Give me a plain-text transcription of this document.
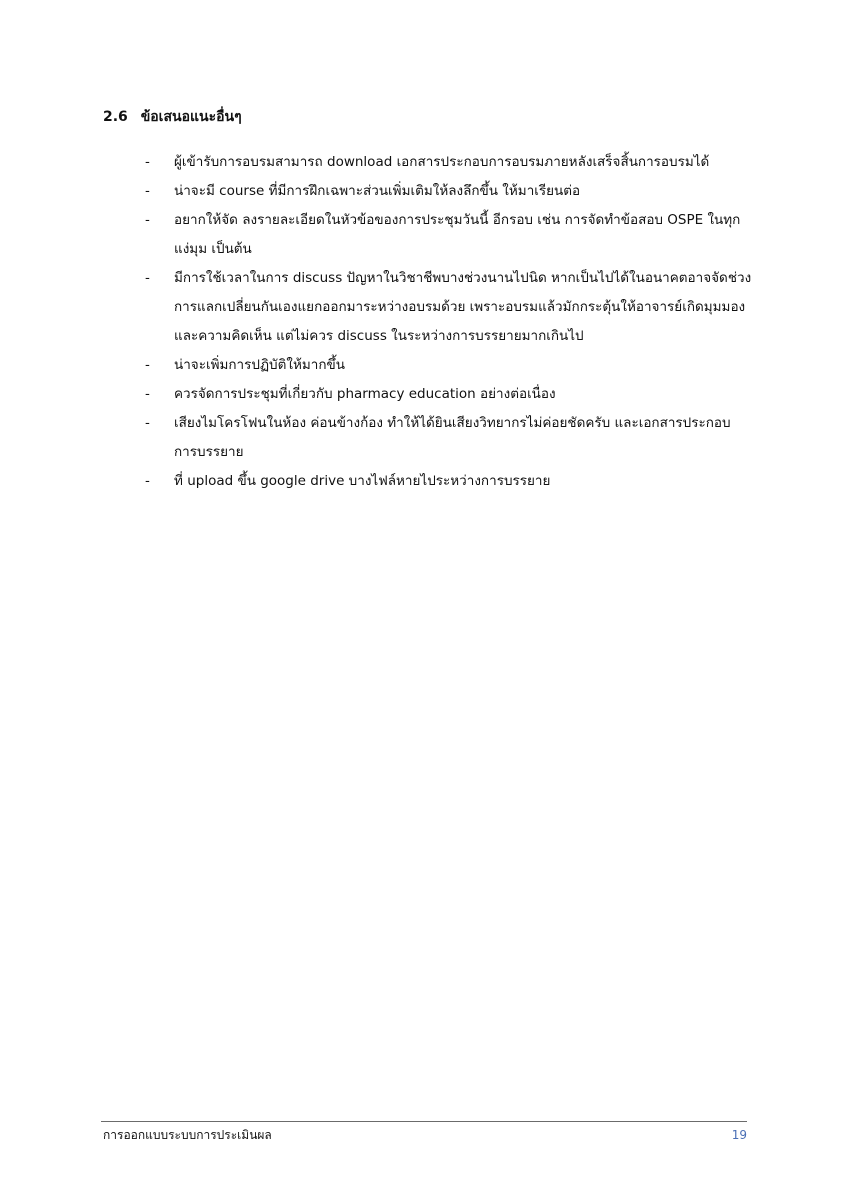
2.6 ข้อเสนอแนะอื่นๆ
-	ผู้เข้ารับการอบรมสามารถ download เอกสารประกอบการอบรมภายหลังเสร็จสิ้นการอบรมได้
-	น่าจะมี course ที่มีการฝึกเฉพาะส่วนเพิ่มเติมให้ลงลึกขึ้น ให้มาเรียนต่อ
-	อยากให้จัด ลงรายละเอียดในหัวข้อของการประชุมวันนี้ อีกรอบ เช่น การจัดทำข้อสอบ OSPE ในทุกแง่มุม เป็นต้น
-	มีการใช้เวลาในการ discuss ปัญหาในวิชาชีพบางช่วงนานไปนิด หากเป็นไปได้ในอนาคตอาจจัดช่วงการแลกเปลี่ยนกันเองแยกออกมาระหว่างอบรมด้วย เพราะอบรมแล้วมักกระตุ้นให้อาจารย์เกิดมุมมอง และความคิดเห็น แต่ไม่ควร discuss ในระหว่างการบรรยายมากเกินไป
-	น่าจะเพิ่มการปฏิบัติให้มากขึ้น
-	ควรจัดการประชุมที่เกี่ยวกับ pharmacy education อย่างต่อเนื่อง
-	เสียงไมโครโฟนในห้อง ค่อนข้างก้อง ทำให้ได้ยินเสียงวิทยากรไม่ค่อยชัดครับ และเอกสารประกอบการบรรยาย
-	ที่ upload ขึ้น google drive บางไฟล์หายไประหว่างการบรรยาย
การออกแบบระบบการประเมินผล	19
